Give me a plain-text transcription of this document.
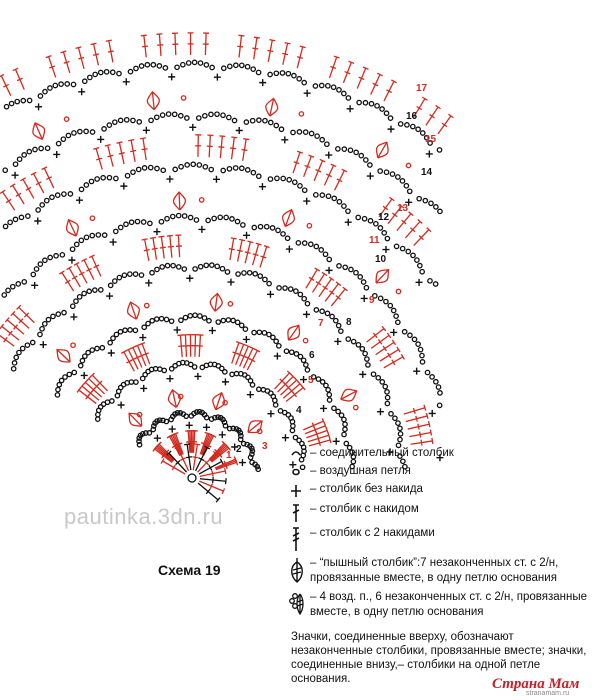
1
2 3
4
5
6
7 8
9
10
11
12
13
14
15
16
17
pautinka.3dn.ru
Схема 19
– соединительный столбик
– воздушная петля
– столбик без накида
– столбик с накидом
– столбик с 2 накидами
– “пышный столбик”:7 незаконченных ст. с 2/н, провязанные вместе, в одну петлю основания
– 4 возд. п., 6 незаконченных ст. с 2/н, провязанные вместе, в одну петлю основания
Значки, соединенные вверху, обозначают незаконченные столбики, провязанные вместе; значки, соединенные внизу,– столбики на одной петле основания.	Страна Мам
stranamam.ru
